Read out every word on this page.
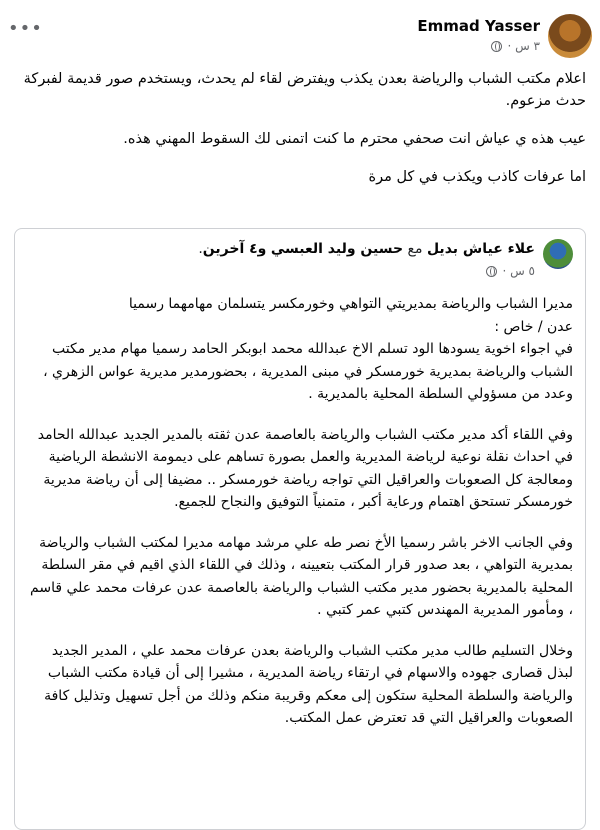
Emmad Yasser
٣ س ·
•••

اعلام مكتب الشباب والرياضة بعدن يكذب ويفترض لقاء لم يحدث، ويستخدم صور قديمة لفبركة حدث مزعوم.

عيب هذه ي عياش انت صحفي محترم ما كنت اتمنى لك السقوط المهني هذه.

اما عرفات كاذب ويكذب في كل مرة

علاء عياش بديل مع حسين وليد العبسي و٤ آخرين.
٥ س ·

مديرا الشباب والرياضة بمديريتي التواهي وخورمكسر يتسلمان مهامهما رسميا

عدن / خاص :

في اجواء اخوية يسودها الود تسلم الاخ عبدالله محمد ابوبكر الحامد رسميا مهام مدير مكتب الشباب والرياضة بمديرية خورمسكر في مبنى المديرية ، بحضورمدير مديرية عواس الزهري ، وعدد من مسؤولي السلطة المحلية بالمديرية .

وفي اللقاء أكد مدير مكتب الشباب والرياضة بالعاصمة عدن ثقته بالمدير الجديد عبدالله الحامد في احداث نقلة نوعية لرياضة المديرية والعمل بصورة تساهم على ديمومة الانشطة الرياضية ومعالجة كل الصعوبات والعراقيل التي تواجه رياضة خورمسكر .. مضيفا إلى أن رياضة مديرية خورمسكر تستحق اهتمام ورعاية أكبر ، متمنياً التوفيق والنجاح للجميع.

وفي الجانب الاخر باشر رسميا الأخ نصر طه علي مرشد مهامه مديرا لمكتب الشباب والرياضة بمديرية التواهي ، بعد صدور قرار المكتب بتعيينه ، وذلك في اللقاء الذي اقيم في مقر السلطة المحلية بالمديرية بحضور مدير مكتب الشباب والرياضة بالعاصمة عدن عرفات محمد علي قاسم ، ومأمور المديرية المهندس كتبي عمر كتبي .

وخلال التسليم طالب مدير مكتب الشباب والرياضة بعدن عرفات محمد علي ، المدير الجديد لبذل قصارى جهوده والاسهام في ارتقاء رياضة المديرية ، مشيرا إلى أن قيادة مكتب الشباب والرياضة والسلطة المحلية ستكون إلى معكم وقريبة منكم وذلك من أجل تسهيل وتذليل كافة الصعوبات والعراقيل التي قد تعترض عمل المكتب.
